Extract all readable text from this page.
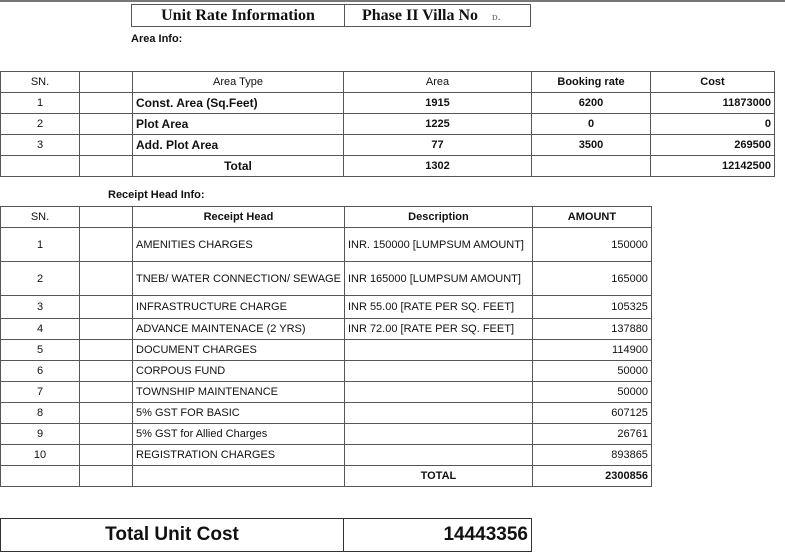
Unit Rate Information	Phase II Villa No ᴅ.
Area Info:
SN.		Area Type	Area	Booking rate	Cost
1		Const. Area (Sq.Feet)	1915	6200	11873000
2		Plot Area	1225	0	0
3		Add. Plot Area	77	3500	269500
		Total	1302		12142500
Receipt Head Info:
SN.		Receipt Head	Description	AMOUNT
1		AMENITIES CHARGES	INR. 150000 [LUMPSUM AMOUNT]	150000
2		TNEB/ WATER CONNECTION/ SEWAGE	INR 165000 [LUMPSUM AMOUNT]	165000
3		INFRASTRUCTURE CHARGE	INR 55.00 [RATE PER SQ. FEET]	105325
4		ADVANCE MAINTENACE (2 YRS)	INR 72.00 [RATE PER SQ. FEET]	137880
5		DOCUMENT CHARGES		114900
6		CORPOUS FUND		50000
7		TOWNSHIP MAINTENANCE		50000
8		5% GST FOR BASIC		607125
9		5% GST for Allied Charges		26761
10		REGISTRATION CHARGES		893865
			TOTAL	2300856
Total Unit Cost	14443356
